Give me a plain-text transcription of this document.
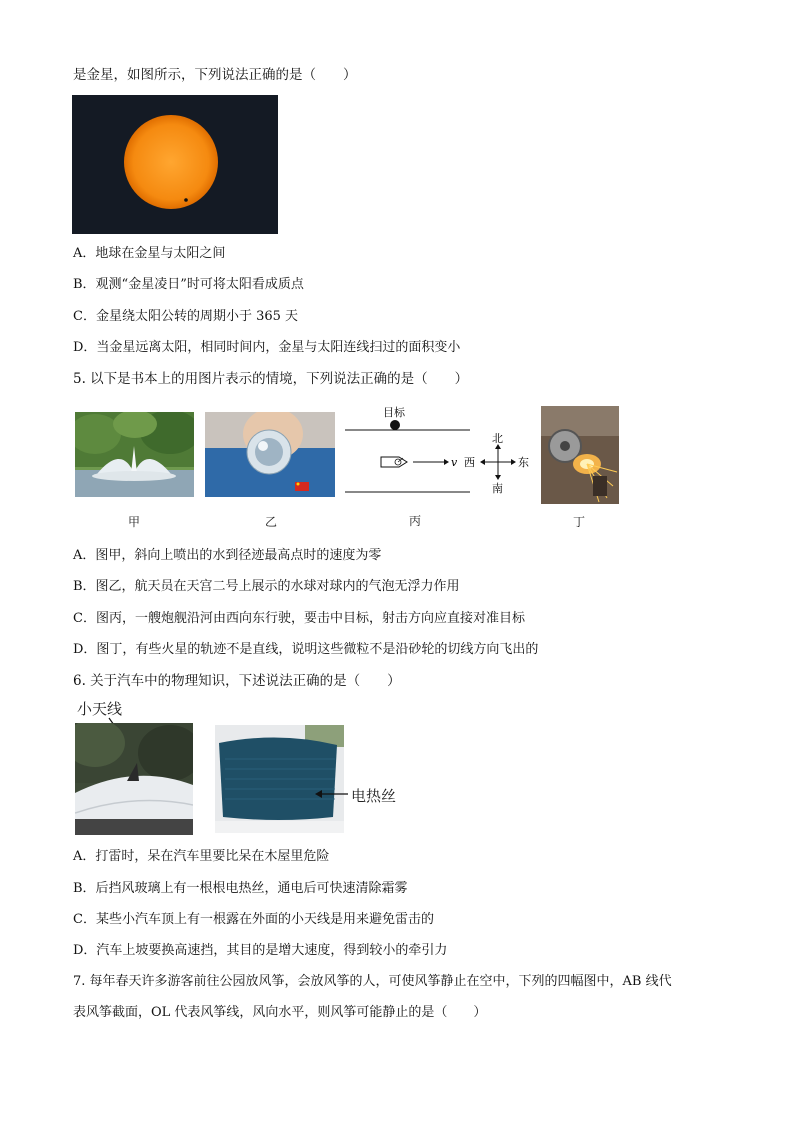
是金星，如图所示，下列说法正确的是（　　）
A．地球在金星与太阳之间
B．观测“金星凌日”时可将太阳看成质点
C．金星绕太阳公转的周期小于 365 天
D．当金星远离太阳，相同时间内，金星与太阳连线扫过的面积变小
5. 以下是书本上的用图片表示的情境，下列说法正确的是（　　）
目标
v
北
南
西	东
甲	乙	丙	丁
A．图甲，斜向上喷出的水到径迹最高点时的速度为零
B．图乙，航天员在天宫二号上展示的水球对球内的气泡无浮力作用
C．图丙，一艘炮舰沿河由西向东行驶，要击中目标，射击方向应直接对准目标
D．图丁，有些火星的轨迹不是直线，说明这些微粒不是沿砂轮的切线方向飞出的
6. 关于汽车中的物理知识，下述说法正确的是（　　）
小天线
电热丝
A．打雷时，呆在汽车里要比呆在木屋里危险
B．后挡风玻璃上有一根根电热丝，通电后可快速清除霜雾
C．某些小汽车顶上有一根露在外面的小天线是用来避免雷击的
D．汽车上坡要换高速挡，其目的是增大速度，得到较小的牵引力
7. 每年春天许多游客前往公园放风筝，会放风筝的人，可使风筝静止在空中，下列的四幅图中，AB 线代
表风筝截面，OL 代表风筝线，风向水平，则风筝可能静止的是（　　）
